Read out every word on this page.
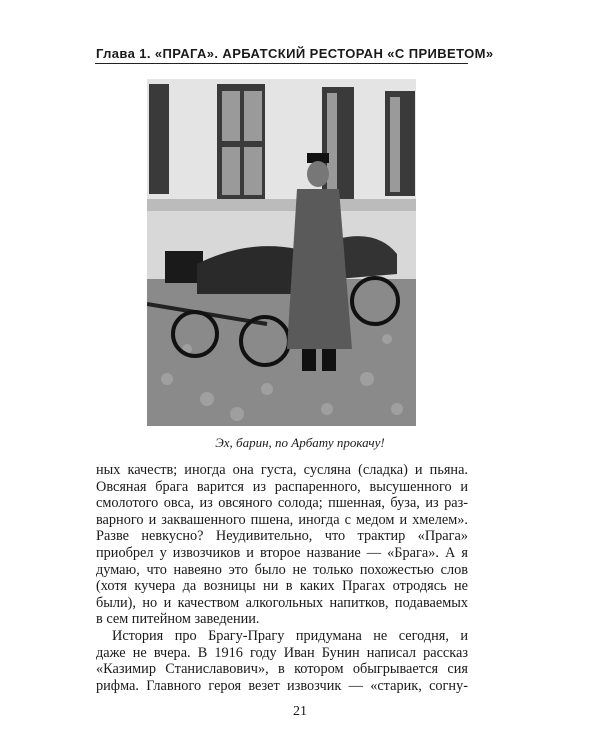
Глава 1. «ПРАГА». АРБАТСКИЙ РЕСТОРАН «С ПРИВЕТОМ»
Эх, барин, по Арбату прокачу!
ных качеств; иногда она густа, сусляна (сладка) и пьяна.
Овсяная брага варится из распаренного, высушенного и
смолотого овса, из овсяного солода; пшенная, буза, из раз-
варного и заквашенного пшена, иногда с медом и хмелем».
Разве невкусно? Неудивительно, что трактир «Прага»
приобрел у извозчиков и второе название — «Брага». А я
думаю, что навеяно это было не только похожестью слов
(хотя кучера да возницы ни в каких Прагах отродясь не
были), но и качеством алкогольных напитков, подаваемых
в сем питейном заведении.
История про Брагу-Прагу придумана не сегодня, и
даже не вчера. В 1916 году Иван Бунин написал рассказ
«Казимир Станиславович», в котором обыгрывается сия
рифма. Главного героя везет извозчик — «старик, согну-
21
